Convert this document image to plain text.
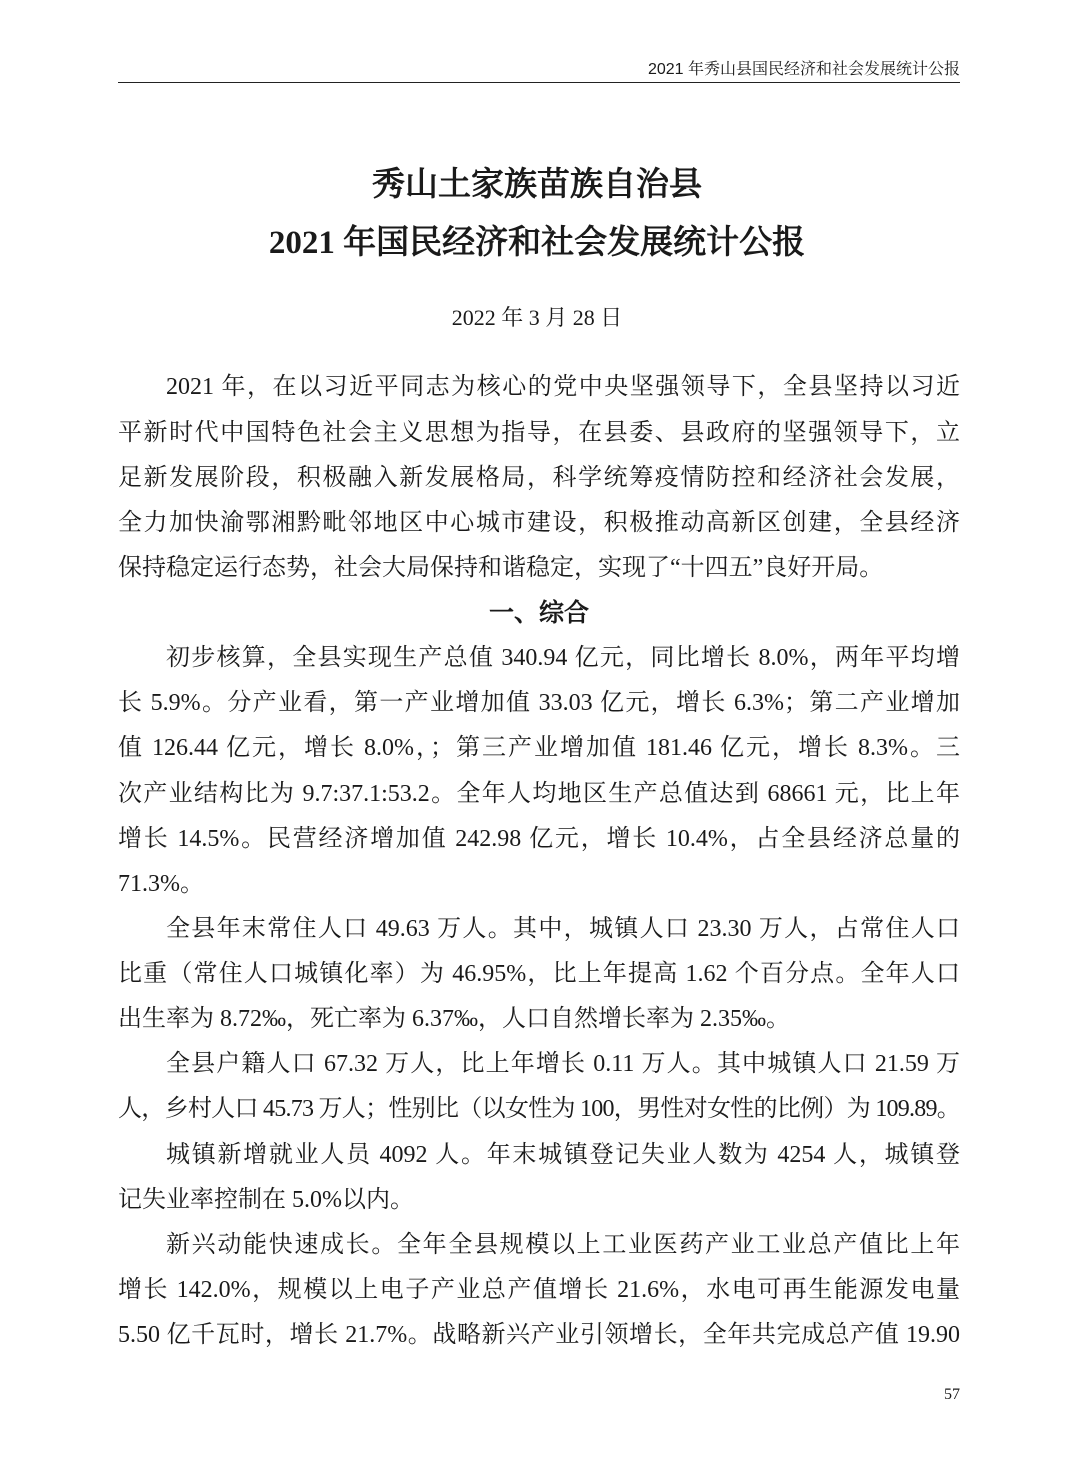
2021 年秀山县国民经济和社会发展统计公报
秀山土家族苗族自治县
2021 年国民经济和社会发展统计公报
2022 年 3 月 28 日
2021 年，在以习近平同志为核心的党中央坚强领导下，全县坚持以习近
平新时代中国特色社会主义思想为指导，在县委、县政府的坚强领导下，立
足新发展阶段，积极融入新发展格局，科学统筹疫情防控和经济社会发展，
全力加快渝鄂湘黔毗邻地区中心城市建设，积极推动高新区创建，全县经济
保持稳定运行态势，社会大局保持和谐稳定，实现了“十四五”良好开局。
一、综合
初步核算，全县实现生产总值 340.94 亿元，同比增长 8.0%，两年平均增
长 5.9%。分产业看，第一产业增加值 33.03 亿元，增长 6.3%；第二产业增加
值 126.44 亿元，增长 8.0%，；第三产业增加值 181.46 亿元，增长 8.3%。三
次产业结构比为 9.7:37.1:53.2。全年人均地区生产总值达到 68661 元，比上年
增长 14.5%。民营经济增加值 242.98 亿元，增长 10.4%，占全县经济总量的
71.3%。
全县年末常住人口 49.63 万人。其中，城镇人口 23.30 万人，占常住人口
比重（常住人口城镇化率）为 46.95%，比上年提高 1.62 个百分点。全年人口
出生率为 8.72‰，死亡率为 6.37‰，人口自然增长率为 2.35‰。
全县户籍人口 67.32 万人，比上年增长 0.11 万人。其中城镇人口 21.59 万
人，乡村人口 45.73 万人；性别比（以女性为 100，男性对女性的比例）为 109.89。
城镇新增就业人员 4092 人。年末城镇登记失业人数为 4254 人，城镇登
记失业率控制在 5.0%以内。
新兴动能快速成长。全年全县规模以上工业医药产业工业总产值比上年
增长 142.0%，规模以上电子产业总产值增长 21.6%，水电可再生能源发电量
5.50 亿千瓦时，增长 21.7%。战略新兴产业引领增长，全年共完成总产值 19.90
57
